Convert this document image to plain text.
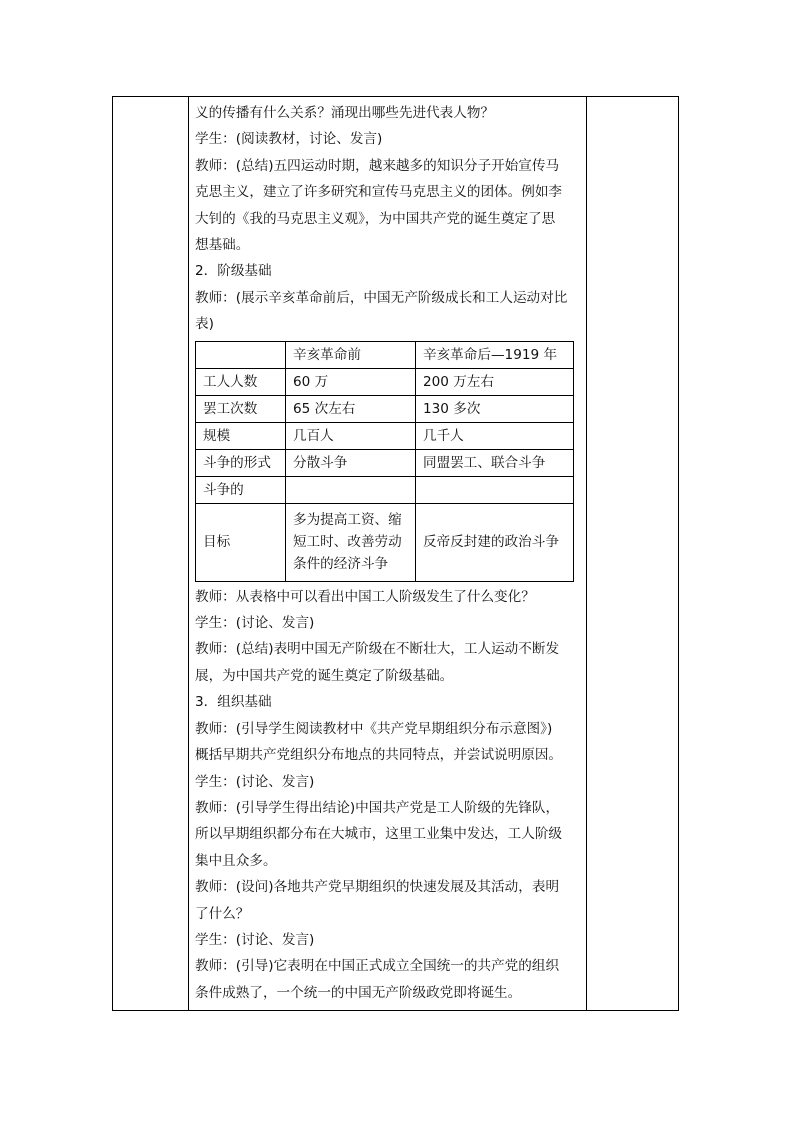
义的传播有什么关系？涌现出哪些先进代表人物？

学生：(阅读教材，讨论、发言)

教师：(总结)五四运动时期，越来越多的知识分子开始宣传马

克思主义，建立了许多研究和宣传马克思主义的团体。例如李

大钊的《我的马克思主义观》，为中国共产党的诞生奠定了思

想基础。

2．阶级基础

教师：(展示辛亥革命前后，中国无产阶级成长和工人运动对比

表)

	辛亥革命前	辛亥革命后—1919 年
工人人数	60 万	200 万左右
罢工次数	65 次左右	130 多次
规模	几百人	几千人
斗争的形式	分散斗争	同盟罢工、联合斗争
斗争的		
目标	多为提高工资、缩短工时、改善劳动条件的经济斗争	反帝反封建的政治斗争

教师：从表格中可以看出中国工人阶级发生了什么变化？

学生：(讨论、发言)

教师：(总结)表明中国无产阶级在不断壮大，工人运动不断发

展，为中国共产党的诞生奠定了阶级基础。

3．组织基础

教师：(引导学生阅读教材中《共产党早期组织分布示意图》)

概括早期共产党组织分布地点的共同特点，并尝试说明原因。

学生：(讨论、发言)

教师：(引导学生得出结论)中国共产党是工人阶级的先锋队，

所以早期组织都分布在大城市，这里工业集中发达，工人阶级

集中且众多。

教师：(设问)各地共产党早期组织的快速发展及其活动，表明

了什么？

学生：(讨论、发言)

教师：(引导)它表明在中国正式成立全国统一的共产党的组织

条件成熟了，一个统一的中国无产阶级政党即将诞生。
